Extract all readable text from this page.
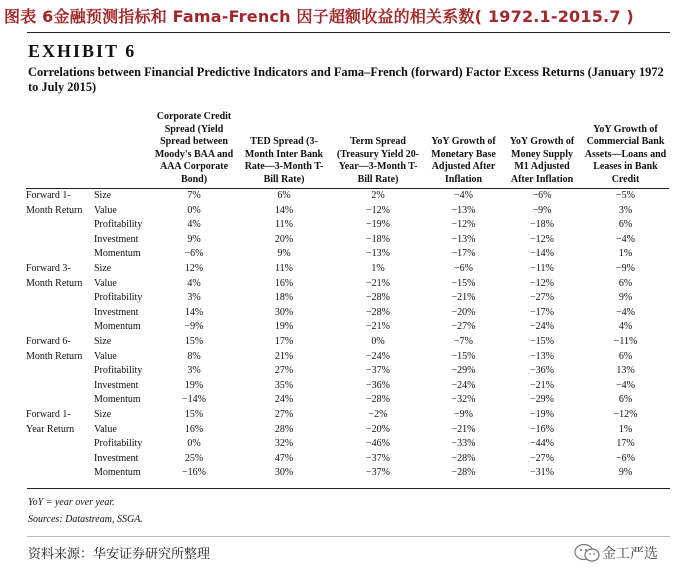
图表 6金融预测指标和 Fama-French 因子超额收益的相关系数( 1972.1-2015.7 )
EXHIBIT 6
Correlations between Financial Predictive Indicators and Fama–French (forward) Factor Excess Returns (January 1972 to July 2015)
		Corporate Credit Spread (Yield Spread between Moody's BAA and AAA Corporate Bond)	TED Spread (3-Month Inter Bank Rate—3-Month T-Bill Rate)	Term Spread (Treasury Yield 20-Year—3-Month T-Bill Rate)	YoY Growth of Monetary Base Adjusted After Inflation	YoY Growth of Money Supply M1 Adjusted After Inflation	YoY Growth of Commercial Bank Assets—Loans and Leases in Bank Credit
Forward 1-	Size	7%	6%	2%	−4%	−6%	−5%
Month Return	Value	0%	14%	−12%	−13%	−9%	3%
	Profitability	4%	11%	−19%	−12%	−18%	6%
	Investment	9%	20%	−18%	−13%	−12%	−4%
	Momentum	−6%	9%	−13%	−17%	−14%	1%
Forward 3-	Size	12%	11%	1%	−6%	−11%	−9%
Month Return	Value	4%	16%	−21%	−15%	−12%	6%
	Profitability	3%	18%	−28%	−21%	−27%	9%
	Investment	14%	30%	−28%	−20%	−17%	−4%
	Momentum	−9%	19%	−21%	−27%	−24%	4%
Forward 6-	Size	15%	17%	0%	−7%	−15%	−11%
Month Return	Value	8%	21%	−24%	−15%	−13%	6%
	Profitability	3%	27%	−37%	−29%	−36%	13%
	Investment	19%	35%	−36%	−24%	−21%	−4%
	Momentum	−14%	24%	−28%	−32%	−29%	6%
Forward 1-	Size	15%	27%	−2%	−9%	−19%	−12%
Year Return	Value	16%	28%	−20%	−21%	−16%	1%
	Profitability	0%	32%	−46%	−33%	−44%	17%
	Investment	25%	47%	−37%	−28%	−27%	−6%
	Momentum	−16%	30%	−37%	−28%	−31%	9%
YoY = year over year.
Sources: Datastream, SSGA.
资料来源：华安证券研究所整理	金工严选
